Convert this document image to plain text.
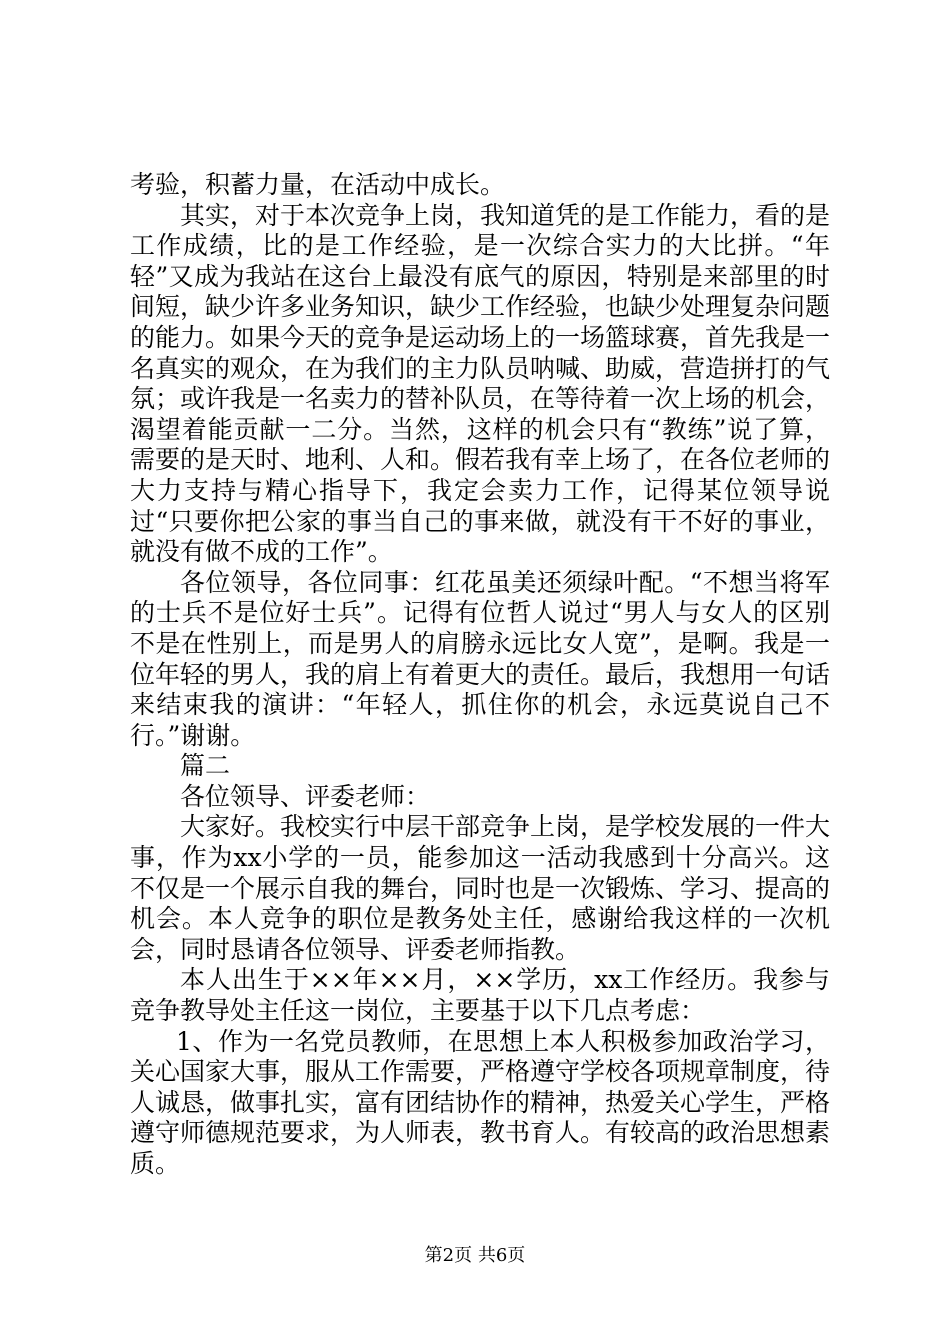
考验，积蓄力量，在活动中成长。

其实，对于本次竞争上岗，我知道凭的是工作能力，看的是工作成绩，比的是工作经验，是一次综合实力的大比拼。“年轻”又成为我站在这台上最没有底气的原因，特别是来部里的时间短，缺少许多业务知识，缺少工作经验，也缺少处理复杂问题的能力。如果今天的竞争是运动场上的一场篮球赛，首先我是一名真实的观众，在为我们的主力队员呐喊、助威，营造拼打的气氛；或许我是一名卖力的替补队员，在等待着一次上场的机会，渴望着能贡献一二分。当然，这样的机会只有“教练”说了算，需要的是天时、地利、人和。假若我有幸上场了，在各位老师的大力支持与精心指导下，我定会卖力工作，记得某位领导说过“只要你把公家的事当自己的事来做，就没有干不好的事业，就没有做不成的工作”。

各位领导，各位同事：红花虽美还须绿叶配。“不想当将军的士兵不是位好士兵”。记得有位哲人说过“男人与女人的区别不是在性别上，而是男人的肩膀永远比女人宽”，是啊。我是一位年轻的男人，我的肩上有着更大的责任。最后，我想用一句话来结束我的演讲：“年轻人，抓住你的机会，永远莫说自己不行。”谢谢。

篇二

各位领导、评委老师：

大家好。我校实行中层干部竞争上岗，是学校发展的一件大事，作为xx小学的一员，能参加这一活动我感到十分高兴。这不仅是一个展示自我的舞台，同时也是一次锻炼、学习、提高的机会。本人竞争的职位是教务处主任，感谢给我这样的一次机会，同时恳请各位领导、评委老师指教。

本人出生于××年××月，××学历，xx工作经历。我参与竞争教导处主任这一岗位，主要基于以下几点考虑：

1、作为一名党员教师，在思想上本人积极参加政治学习，关心国家大事，服从工作需要，严格遵守学校各项规章制度，待人诚恳，做事扎实，富有团结协作的精神，热爱关心学生，严格遵守师德规范要求，为人师表，教书育人。有较高的政治思想素质。

第2页 共6页
